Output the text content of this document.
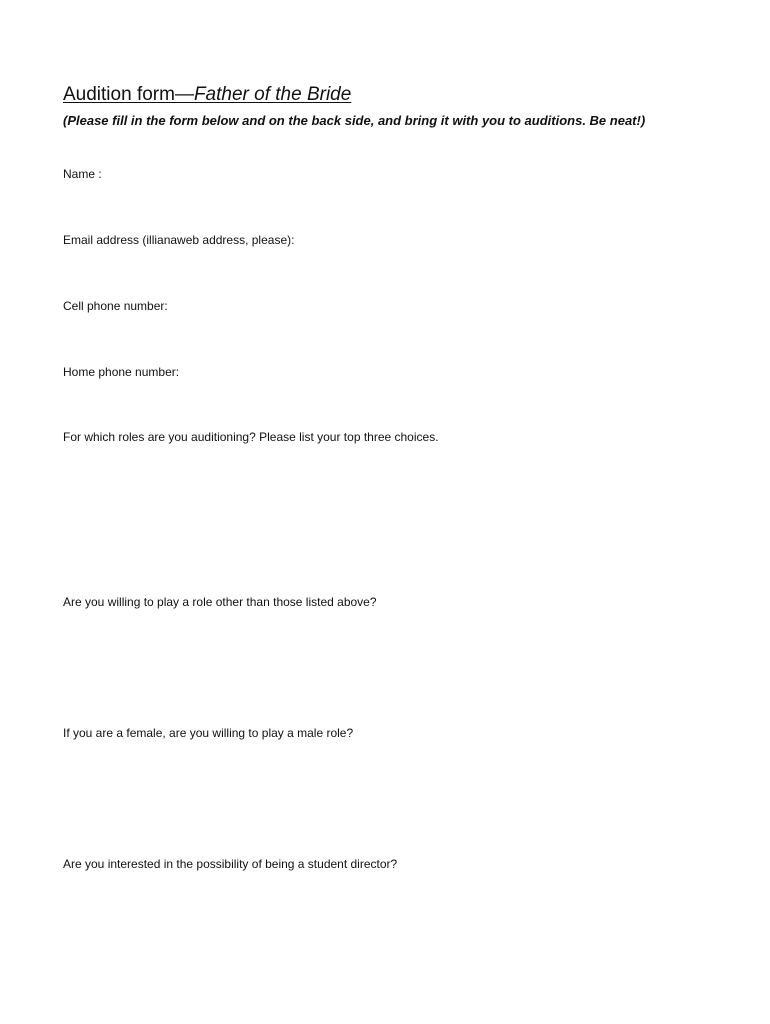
Audition form—Father of the Bride
(Please fill in the form below and on the back side, and bring it with you to auditions. Be neat!)
Name :
Email address (illianaweb address, please):
Cell phone number:
Home phone number:
For which roles are you auditioning? Please list your top three choices.
Are you willing to play a role other than those listed above?
If you are a female, are you willing to play a male role?
Are you interested in the possibility of being a student director?
